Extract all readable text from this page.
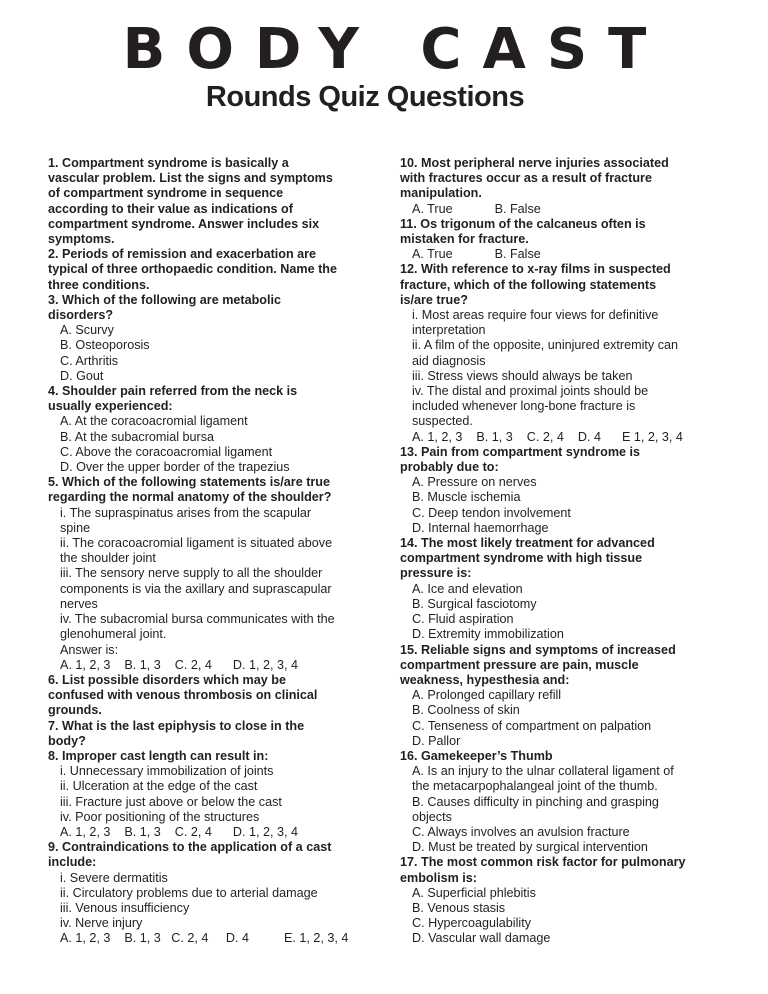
BODY CAST
Rounds Quiz Questions
1. Compartment syndrome is basically a
vascular problem. List the signs and symptoms
of compartment syndrome in sequence
according to their value as indications of
compartment syndrome. Answer includes six
symptoms.
2. Periods of remission and exacerbation are
typical of three orthopaedic condition. Name the
three conditions.
3. Which of the following are metabolic
disorders?
A. Scurvy
B. Osteoporosis
C. Arthritis
D. Gout
4. Shoulder pain referred from the neck is
usually experienced:
A. At the coracoacromial ligament
B. At the subacromial bursa
C. Above the coracoacromial ligament
D. Over the upper border of the trapezius
5. Which of the following statements is/are true
regarding the normal anatomy of the shoulder?
i. The supraspinatus arises from the scapular
spine
ii. The coracoacromial ligament is situated above
the shoulder joint
iii. The sensory nerve supply to all the shoulder
components is via the axillary and suprascapular
nerves
iv. The subacromial bursa communicates with the
glenohumeral joint.
Answer is:
A. 1, 2, 3    B. 1, 3    C. 2, 4      D. 1, 2, 3, 4
6. List possible disorders which may be
confused with venous thrombosis on clinical
grounds.
7. What is the last epiphysis to close in the
body?
8. Improper cast length can result in:
i. Unnecessary immobilization of joints
ii. Ulceration at the edge of the cast
iii. Fracture just above or below the cast
iv. Poor positioning of the structures
A. 1, 2, 3    B. 1, 3    C. 2, 4      D. 1, 2, 3, 4
9. Contraindications to the application of a cast
include:
i. Severe dermatitis
ii. Circulatory problems due to arterial damage
iii. Venous insufficiency
iv. Nerve injury
A. 1, 2, 3    B. 1, 3   C. 2, 4     D. 4          E. 1, 2, 3, 4
10. Most peripheral nerve injuries associated
with fractures occur as a result of fracture
manipulation.
A. True            B. False
11. Os trigonum of the calcaneus often is
mistaken for fracture.
A. True            B. False
12. With reference to x-ray films in suspected
fracture, which of the following statements
is/are true?
i. Most areas require four views for definitive
interpretation
ii. A film of the opposite, uninjured extremity can
aid diagnosis
iii. Stress views should always be taken
iv. The distal and proximal joints should be
included whenever long-bone fracture is
suspected.
A. 1, 2, 3    B. 1, 3    C. 2, 4    D. 4      E 1, 2, 3, 4
13. Pain from compartment syndrome is
probably due to:
A. Pressure on nerves
B. Muscle ischemia
C. Deep tendon involvement
D. Internal haemorrhage
14. The most likely treatment for advanced
compartment syndrome with high tissue
pressure is:
A. Ice and elevation
B. Surgical fasciotomy
C. Fluid aspiration
D. Extremity immobilization
15. Reliable signs and symptoms of increased
compartment pressure are pain, muscle
weakness, hypesthesia and:
A. Prolonged capillary refill
B. Coolness of skin
C. Tenseness of compartment on palpation
D. Pallor
16. Gamekeeper’s Thumb
A. Is an injury to the ulnar collateral ligament of
the metacarpophalangeal joint of the thumb.
B. Causes difficulty in pinching and grasping
objects
C. Always involves an avulsion fracture
D. Must be treated by surgical intervention
17. The most common risk factor for pulmonary
embolism is:
A. Superficial phlebitis
B. Venous stasis
C. Hypercoagulability
D. Vascular wall damage
